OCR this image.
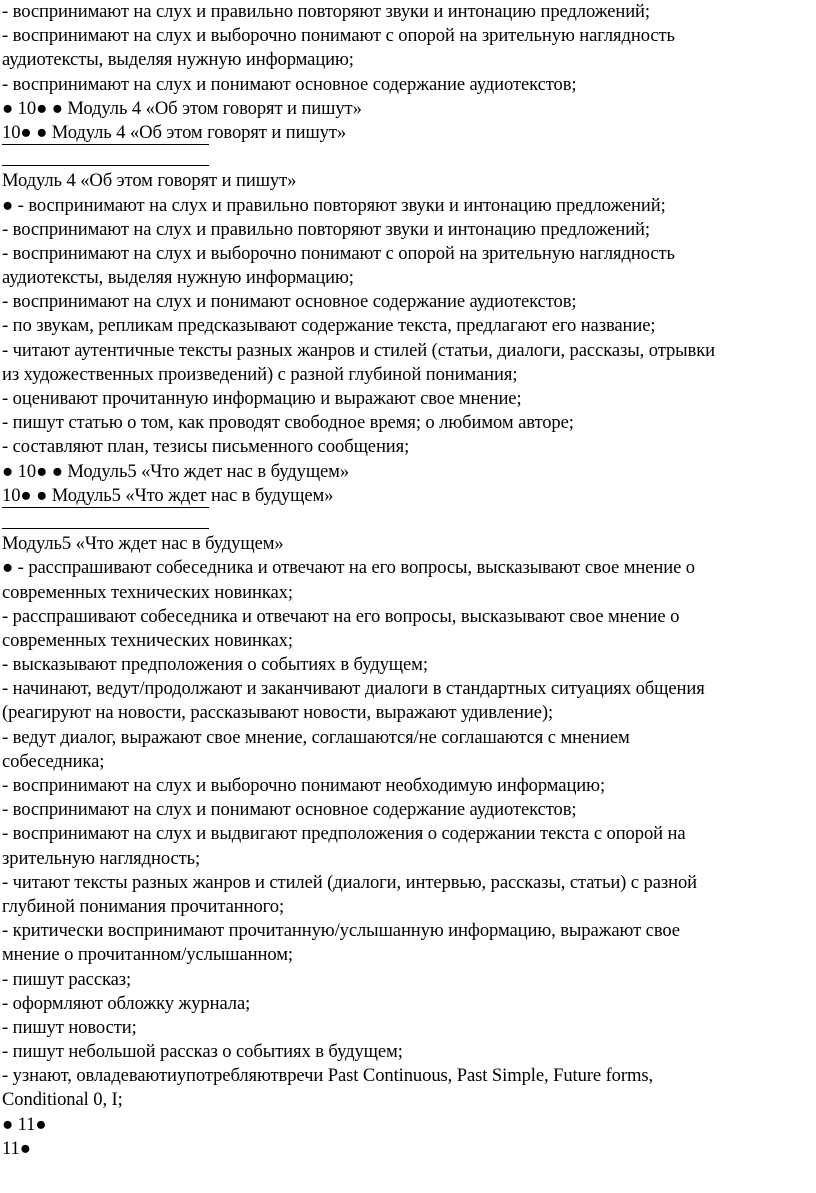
- воспринимают на слух и правильно повторяют звуки и интонацию предложений;
- воспринимают на слух и выборочно понимают с опорой на зрительную наглядность
аудиотексты, выделяя нужную информацию;
- воспринимают на слух и понимают основное содержание аудиотекстов;
● 10● ● Модуль 4 «Об этом говорят и пишут»
10● ● Модуль 4 «Об этом говорят и пишут»
Модуль 4 «Об этом говорят и пишут»
● - воспринимают на слух и правильно повторяют звуки и интонацию предложений;
- воспринимают на слух и правильно повторяют звуки и интонацию предложений;
- воспринимают на слух и выборочно понимают с опорой на зрительную наглядность
аудиотексты, выделяя нужную информацию;
- воспринимают на слух и понимают основное содержание аудиотекстов;
- по звукам, репликам предсказывают содержание текста, предлагают его название;
- читают аутентичные тексты разных жанров и стилей (статьи, диалоги, рассказы, отрывки
из художественных произведений) с разной глубиной понимания;
- оценивают прочитанную информацию и выражают свое мнение;
- пишут статью о том, как проводят свободное время; о любимом авторе;
- составляют план, тезисы письменного сообщения;
● 10● ● Модуль5 «Что ждет нас в будущем»
10● ● Модуль5 «Что ждет нас в будущем»
Модуль5 «Что ждет нас в будущем»
● - расспрашивают собеседника и отвечают на его вопросы, высказывают свое мнение о
современных технических новинках;
- расспрашивают собеседника и отвечают на его вопросы, высказывают свое мнение о
современных технических новинках;
- высказывают предположения о событиях в будущем;
- начинают, ведут/продолжают и заканчивают диалоги в стандартных ситуациях общения
(реагируют на новости, рассказывают новости, выражают удивление);
- ведут диалог, выражают свое мнение, соглашаются/не соглашаются с мнением
собеседника;
- воспринимают на слух и выборочно понимают необходимую информацию;
- воспринимают на слух и понимают основное содержание аудиотекстов;
- воспринимают на слух и выдвигают предположения о содержании текста с опорой на
зрительную наглядность;
- читают тексты разных жанров и стилей (диалоги, интервью, рассказы, статьи) с разной
глубиной понимания прочитанного;
- критически воспринимают прочитанную/услышанную информацию, выражают свое
мнение о прочитанном/услышанном;
- пишут рассказ;
- оформляют обложку журнала;
- пишут новости;
- пишут небольшой рассказ о событиях в будущем;
- узнают, овладеваютиупотребляютвречи Past Continuous, Past Simple, Future forms,
Conditional 0, I;
● 11●
11●
